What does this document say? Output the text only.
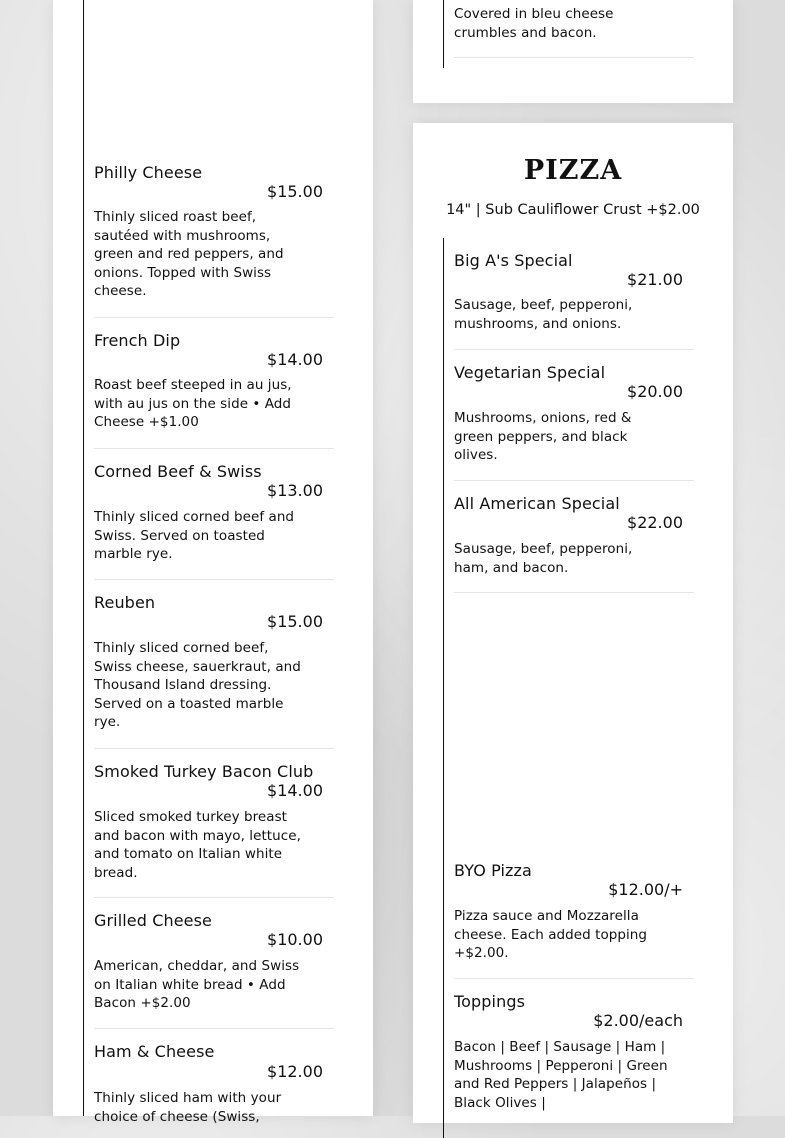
Philly Cheese
$15.00
Thinly sliced roast beef, sautéed with mushrooms, green and red peppers, and onions. Topped with Swiss cheese.
French Dip
$14.00
Roast beef steeped in au jus, with au jus on the side • Add Cheese +$1.00
Corned Beef & Swiss
$13.00
Thinly sliced corned beef and Swiss. Served on toasted marble rye.
Reuben
$15.00
Thinly sliced corned beef, Swiss cheese, sauerkraut, and Thousand Island dressing. Served on a toasted marble rye.
Smoked Turkey Bacon Club
$14.00
Sliced smoked turkey breast and bacon with mayo, lettuce, and tomato on Italian white bread.
Grilled Cheese
$10.00
American, cheddar, and Swiss on Italian white bread • Add Bacon +$2.00
Ham & Cheese
$12.00
Thinly sliced ham with your choice of cheese (Swiss,
Covered in bleu cheese crumbles and bacon.
PIZZA
14" | Sub Cauliflower Crust +$2.00
Big A's Special
$21.00
Sausage, beef, pepperoni, mushrooms, and onions.
Vegetarian Special
$20.00
Mushrooms, onions, red & green peppers, and black olives.
All American Special
$22.00
Sausage, beef, pepperoni, ham, and bacon.
BYO Pizza
$12.00/+
Pizza sauce and Mozzarella cheese. Each added topping +$2.00.
Toppings
$2.00/each
Bacon | Beef | Sausage | Ham | Mushrooms | Pepperoni | Green and Red Peppers | Jalapeños | Black Olives |
